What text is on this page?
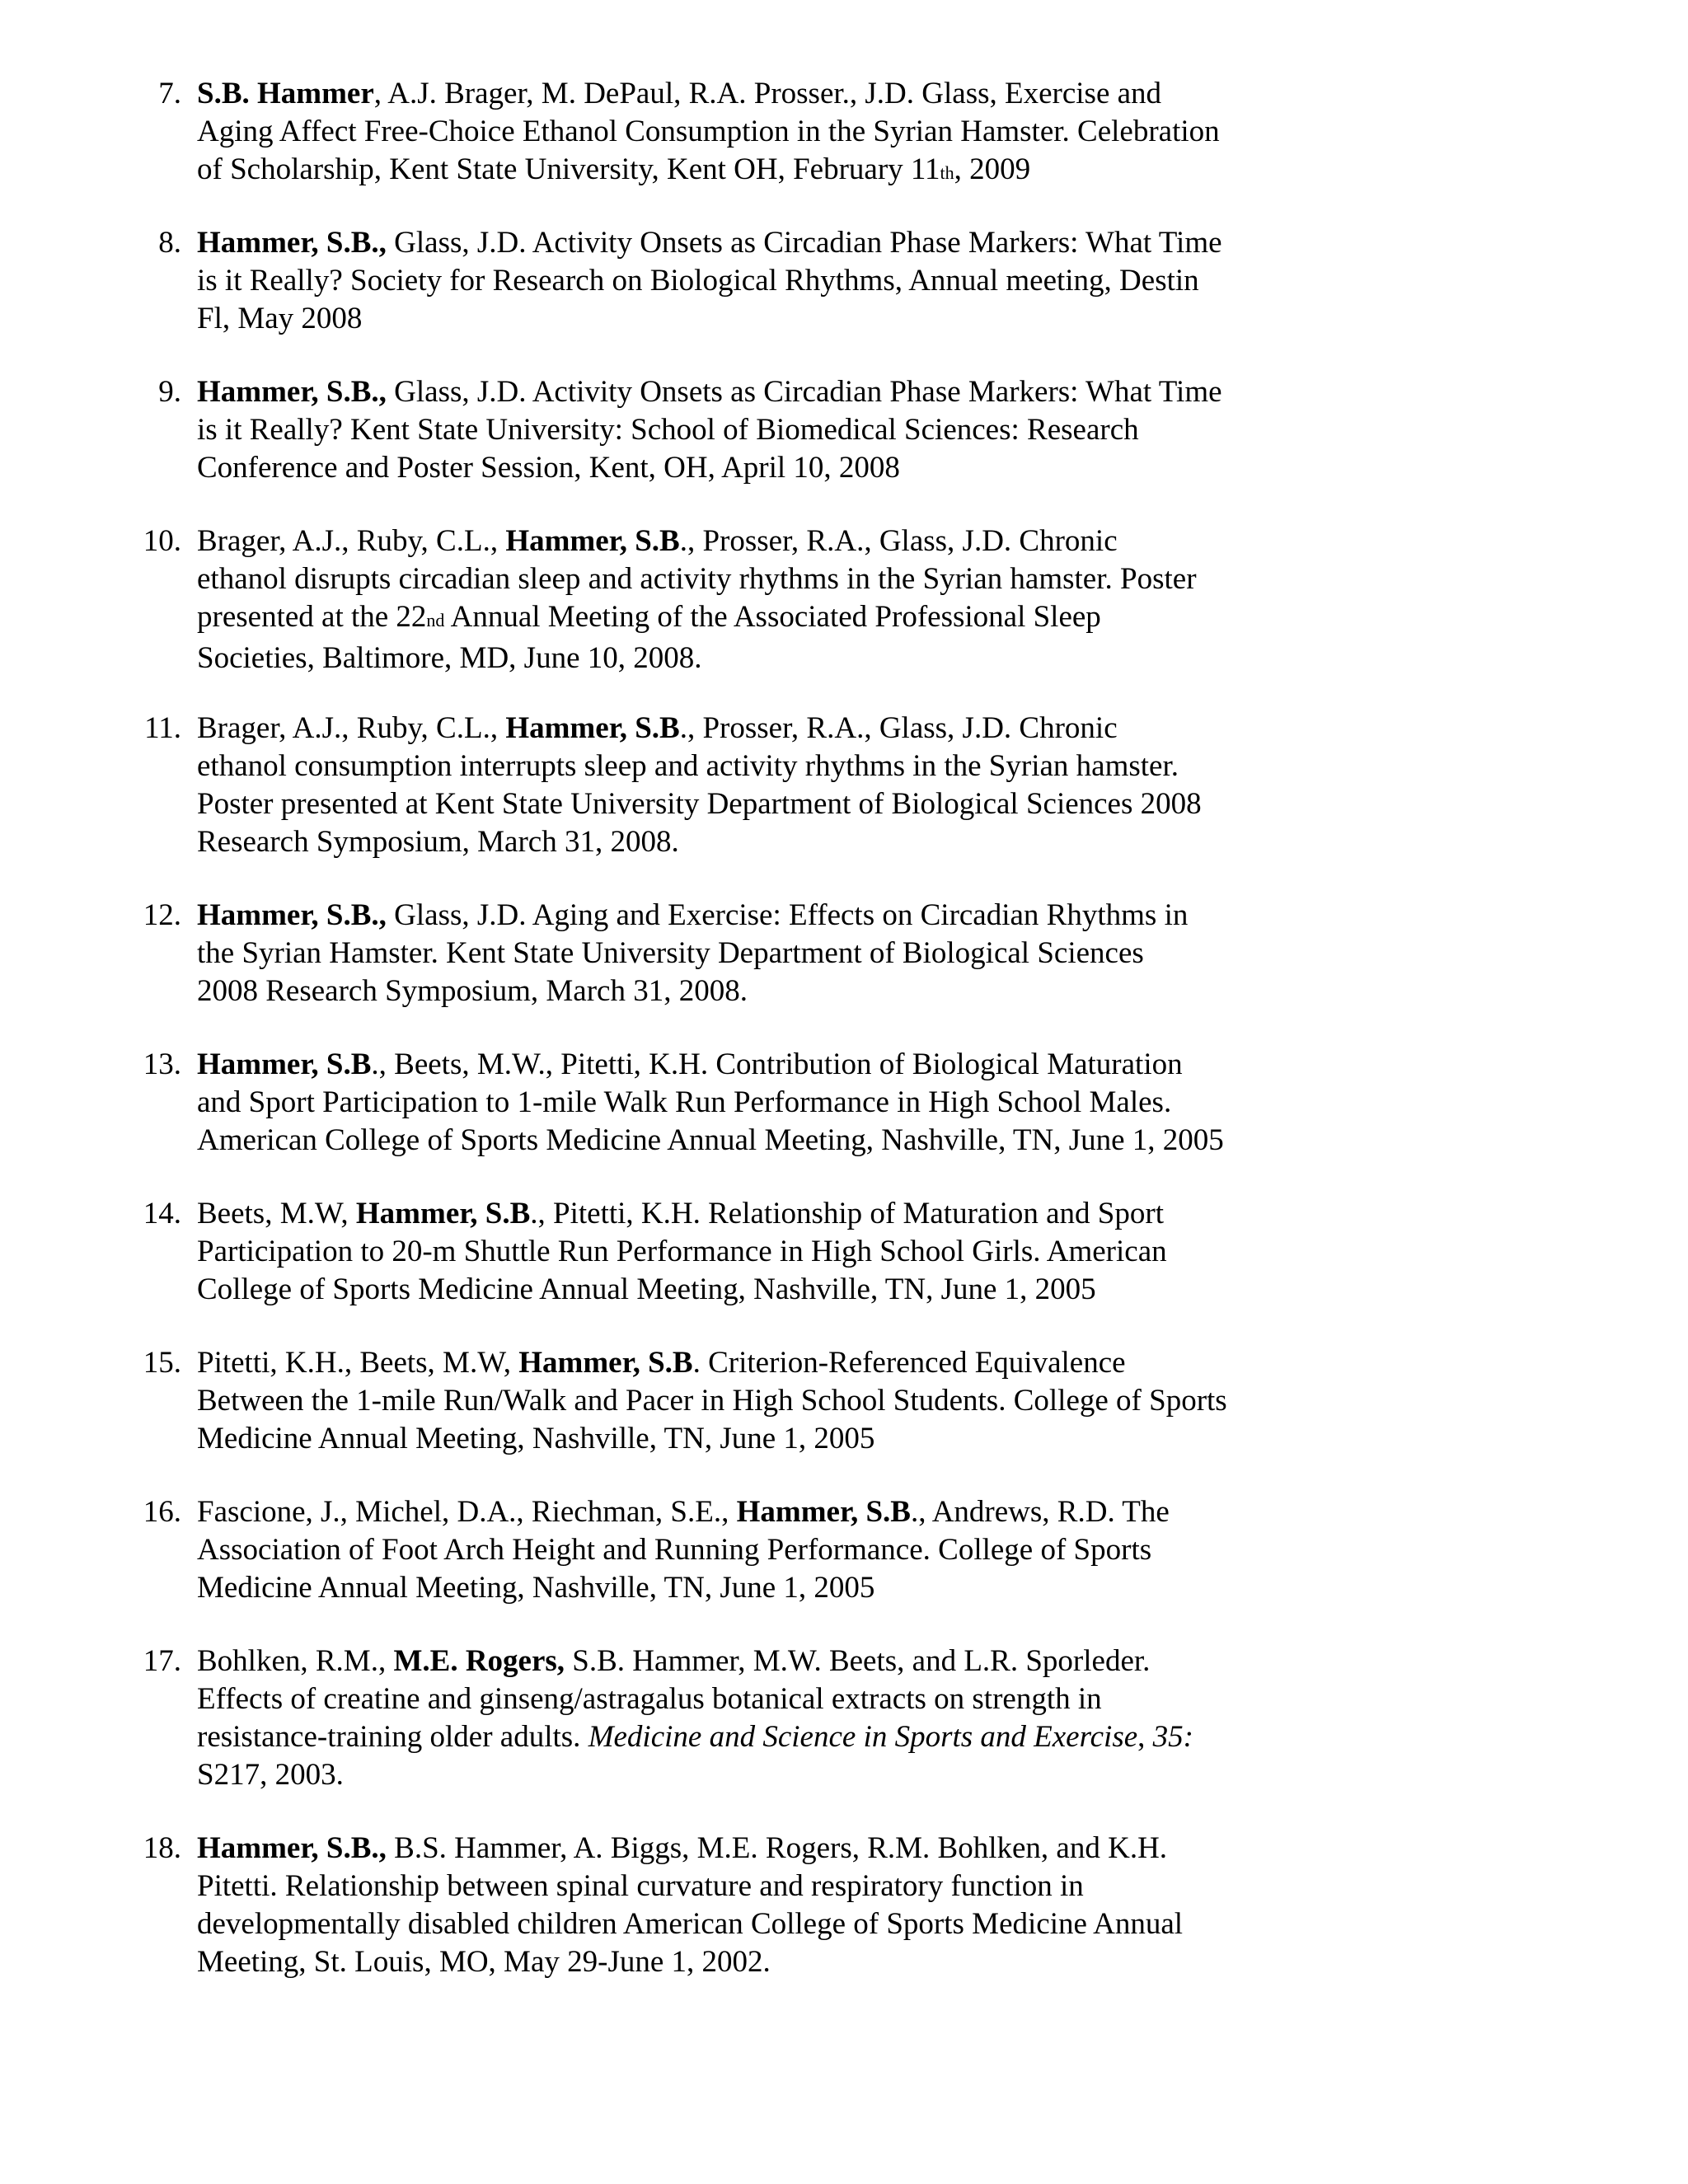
7. S.B. Hammer, A.J. Brager, M. DePaul, R.A. Prosser., J.D. Glass, Exercise and
Aging Affect Free-Choice Ethanol Consumption in the Syrian Hamster. Celebration
of Scholarship, Kent State University, Kent OH, February 11th, 2009
8. Hammer, S.B., Glass, J.D. Activity Onsets as Circadian Phase Markers: What Time
is it Really? Society for Research on Biological Rhythms, Annual meeting, Destin
Fl, May 2008
9. Hammer, S.B., Glass, J.D. Activity Onsets as Circadian Phase Markers: What Time
is it Really? Kent State University: School of Biomedical Sciences: Research
Conference and Poster Session, Kent, OH, April 10, 2008
10. Brager, A.J., Ruby, C.L., Hammer, S.B., Prosser, R.A., Glass, J.D. Chronic
ethanol disrupts circadian sleep and activity rhythms in the Syrian hamster. Poster
presented at the 22nd Annual Meeting of the Associated Professional Sleep
Societies, Baltimore, MD, June 10, 2008.
11. Brager, A.J., Ruby, C.L., Hammer, S.B., Prosser, R.A., Glass, J.D. Chronic
ethanol consumption interrupts sleep and activity rhythms in the Syrian hamster.
Poster presented at Kent State University Department of Biological Sciences 2008
Research Symposium, March 31, 2008.
12. Hammer, S.B., Glass, J.D. Aging and Exercise: Effects on Circadian Rhythms in
the Syrian Hamster. Kent State University Department of Biological Sciences
2008 Research Symposium, March 31, 2008.
13. Hammer, S.B., Beets, M.W., Pitetti, K.H. Contribution of Biological Maturation
and Sport Participation to 1-mile Walk Run Performance in High School Males.
American College of Sports Medicine Annual Meeting, Nashville, TN, June 1, 2005
14. Beets, M.W, Hammer, S.B., Pitetti, K.H. Relationship of Maturation and Sport
Participation to 20-m Shuttle Run Performance in High School Girls. American
College of Sports Medicine Annual Meeting, Nashville, TN, June 1, 2005
15. Pitetti, K.H., Beets, M.W, Hammer, S.B. Criterion-Referenced Equivalence
Between the 1-mile Run/Walk and Pacer in High School Students. College of Sports
Medicine Annual Meeting, Nashville, TN, June 1, 2005
16. Fascione, J., Michel, D.A., Riechman, S.E., Hammer, S.B., Andrews, R.D. The
Association of Foot Arch Height and Running Performance. College of Sports
Medicine Annual Meeting, Nashville, TN, June 1, 2005
17. Bohlken, R.M., M.E. Rogers, S.B. Hammer, M.W. Beets, and L.R. Sporleder.
Effects of creatine and ginseng/astragalus botanical extracts on strength in
resistance-training older adults. Medicine and Science in Sports and Exercise, 35:
S217, 2003.
18. Hammer, S.B., B.S. Hammer, A. Biggs, M.E. Rogers, R.M. Bohlken, and K.H.
Pitetti. Relationship between spinal curvature and respiratory function in
developmentally disabled children American College of Sports Medicine Annual
Meeting, St. Louis, MO, May 29-June 1, 2002.
